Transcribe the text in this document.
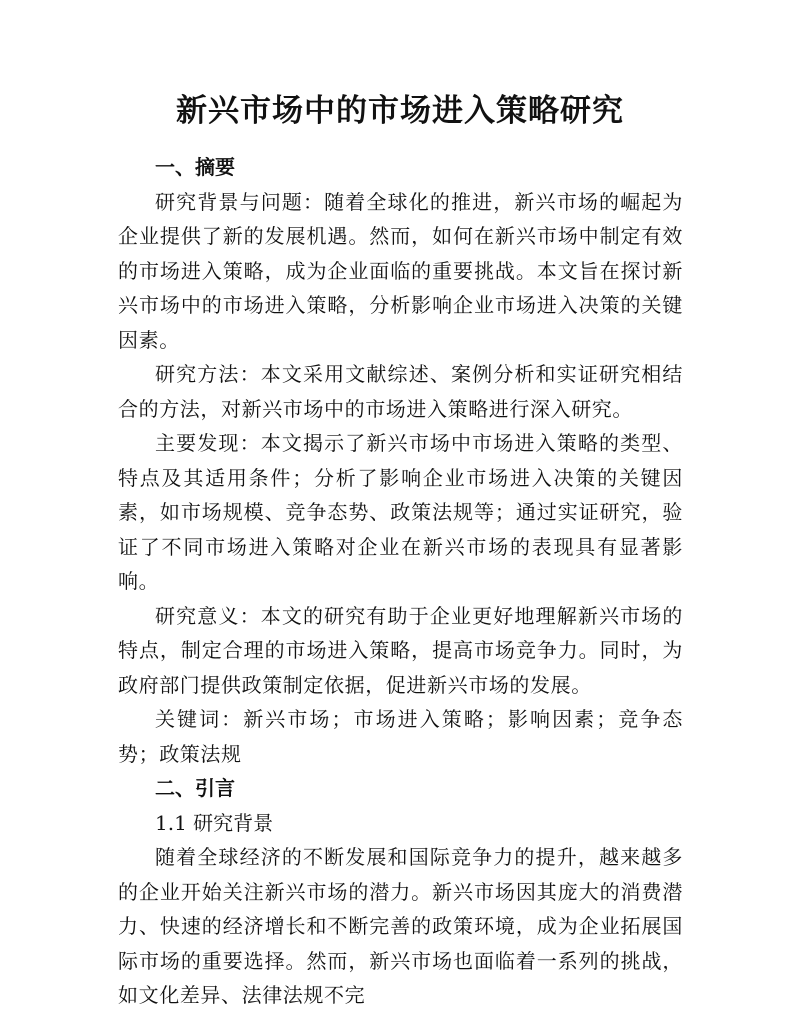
新兴市场中的市场进入策略研究
一、摘要

研究背景与问题：随着全球化的推进，新兴市场的崛起为企业提供了新的发展机遇。然而，如何在新兴市场中制定有效的市场进入策略，成为企业面临的重要挑战。本文旨在探讨新兴市场中的市场进入策略，分析影响企业市场进入决策的关键因素。

研究方法：本文采用文献综述、案例分析和实证研究相结合的方法，对新兴市场中的市场进入策略进行深入研究。

主要发现：本文揭示了新兴市场中市场进入策略的类型、特点及其适用条件；分析了影响企业市场进入决策的关键因素，如市场规模、竞争态势、政策法规等；通过实证研究，验证了不同市场进入策略对企业在新兴市场的表现具有显著影响。

研究意义：本文的研究有助于企业更好地理解新兴市场的特点，制定合理的市场进入策略，提高市场竞争力。同时，为政府部门提供政策制定依据，促进新兴市场的发展。

关键词：新兴市场；市场进入策略；影响因素；竞争态势；政策法规

二、引言

1.1 研究背景

随着全球经济的不断发展和国际竞争力的提升，越来越多的企业开始关注新兴市场的潜力。新兴市场因其庞大的消费潜力、快速的经济增长和不断完善的政策环境，成为企业拓展国际市场的重要选择。然而，新兴市场也面临着一系列的挑战，如文化差异、法律法规不完
